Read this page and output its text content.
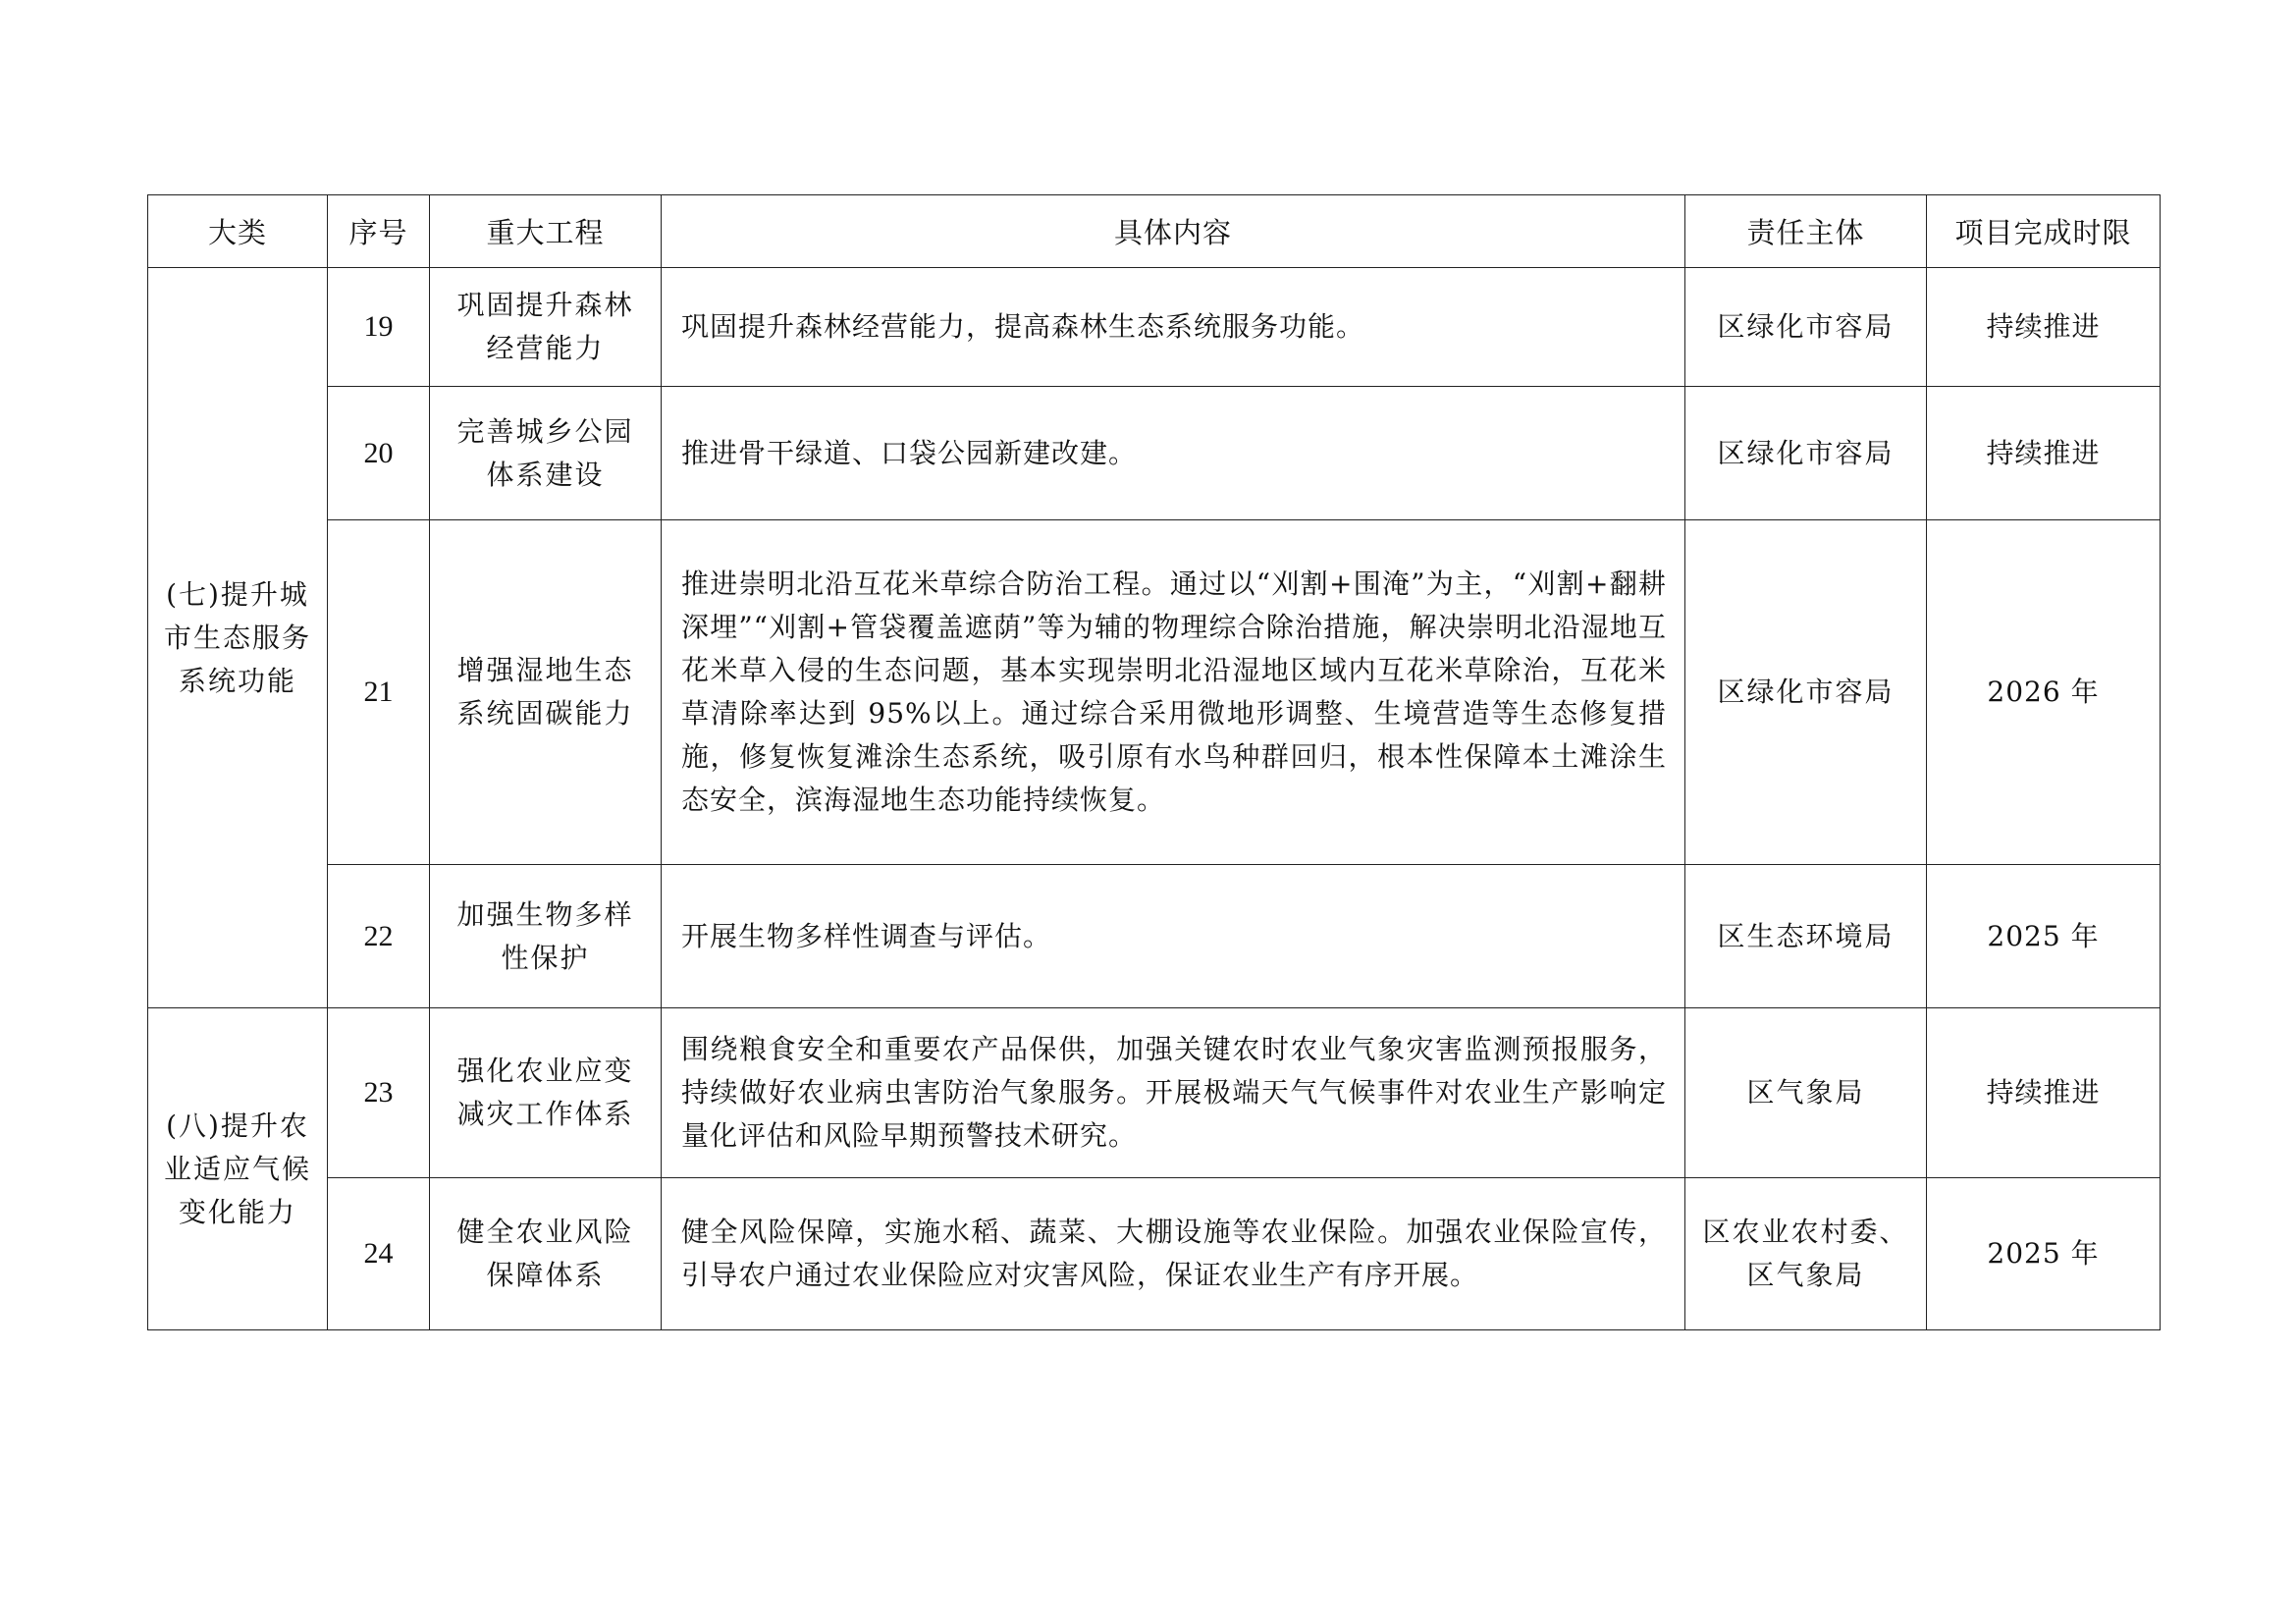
大类	序号	重大工程	具体内容	责任主体	项目完成时限
(七)提升城市生态服务系统功能	19	巩固提升森林经营能力	巩固提升森林经营能力，提高森林生态系统服务功能。	区绿化市容局	持续推进
	20	完善城乡公园体系建设	推进骨干绿道、口袋公园新建改建。	区绿化市容局	持续推进
	21	增强湿地生态系统固碳能力	推进崇明北沿互花米草综合防治工程。通过以“刈割+围淹”为主，“刈割+翻耕深埋”“刈割+管袋覆盖遮荫”等为辅的物理综合除治措施，解决崇明北沿湿地互花米草入侵的生态问题，基本实现崇明北沿湿地区域内互花米草除治，互花米草清除率达到 95%以上。通过综合采用微地形调整、生境营造等生态修复措施，修复恢复滩涂生态系统，吸引原有水鸟种群回归，根本性保障本土滩涂生态安全，滨海湿地生态功能持续恢复。	区绿化市容局	2026 年
	22	加强生物多样性保护	开展生物多样性调查与评估。	区生态环境局	2025 年
(八)提升农业适应气候变化能力	23	强化农业应变减灾工作体系	围绕粮食安全和重要农产品保供，加强关键农时农业气象灾害监测预报服务，持续做好农业病虫害防治气象服务。开展极端天气气候事件对农业生产影响定量化评估和风险早期预警技术研究。	区气象局	持续推进
	24	健全农业风险保障体系	健全风险保障，实施水稻、蔬菜、大棚设施等农业保险。加强农业保险宣传，引导农户通过农业保险应对灾害风险，保证农业生产有序开展。	区农业农村委、区气象局	2025 年
